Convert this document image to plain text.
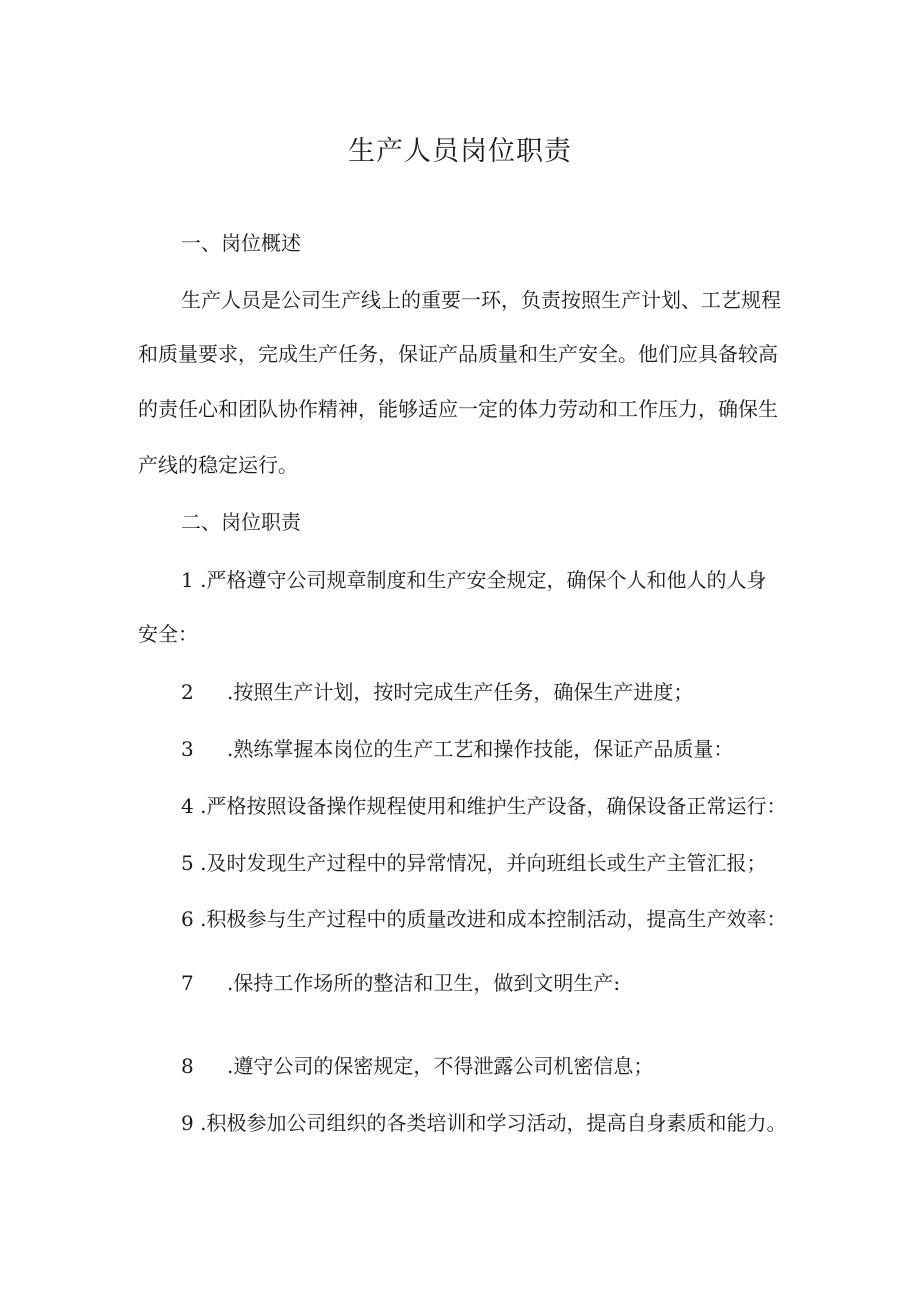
生产人员岗位职责
一、岗位概述
生产人员是公司生产线上的重要一环，负责按照生产计划、工艺规程
和质量要求，完成生产任务，保证产品质量和生产安全。他们应具备较高
的责任心和团队协作精神，能够适应一定的体力劳动和工作压力，确保生
产线的稳定运行。
二、岗位职责
1 .严格遵守公司规章制度和生产安全规定，确保个人和他人的人身
安全：
2 .按照生产计划，按时完成生产任务，确保生产进度；
3 .熟练掌握本岗位的生产工艺和操作技能，保证产品质量：
4 .严格按照设备操作规程使用和维护生产设备，确保设备正常运行：
5 .及时发现生产过程中的异常情况，并向班组长或生产主管汇报；
6 .积极参与生产过程中的质量改进和成本控制活动，提高生产效率：
7 .保持工作场所的整洁和卫生，做到文明生产:
8 .遵守公司的保密规定，不得泄露公司机密信息；
9 .积极参加公司组织的各类培训和学习活动，提高自身素质和能力。
